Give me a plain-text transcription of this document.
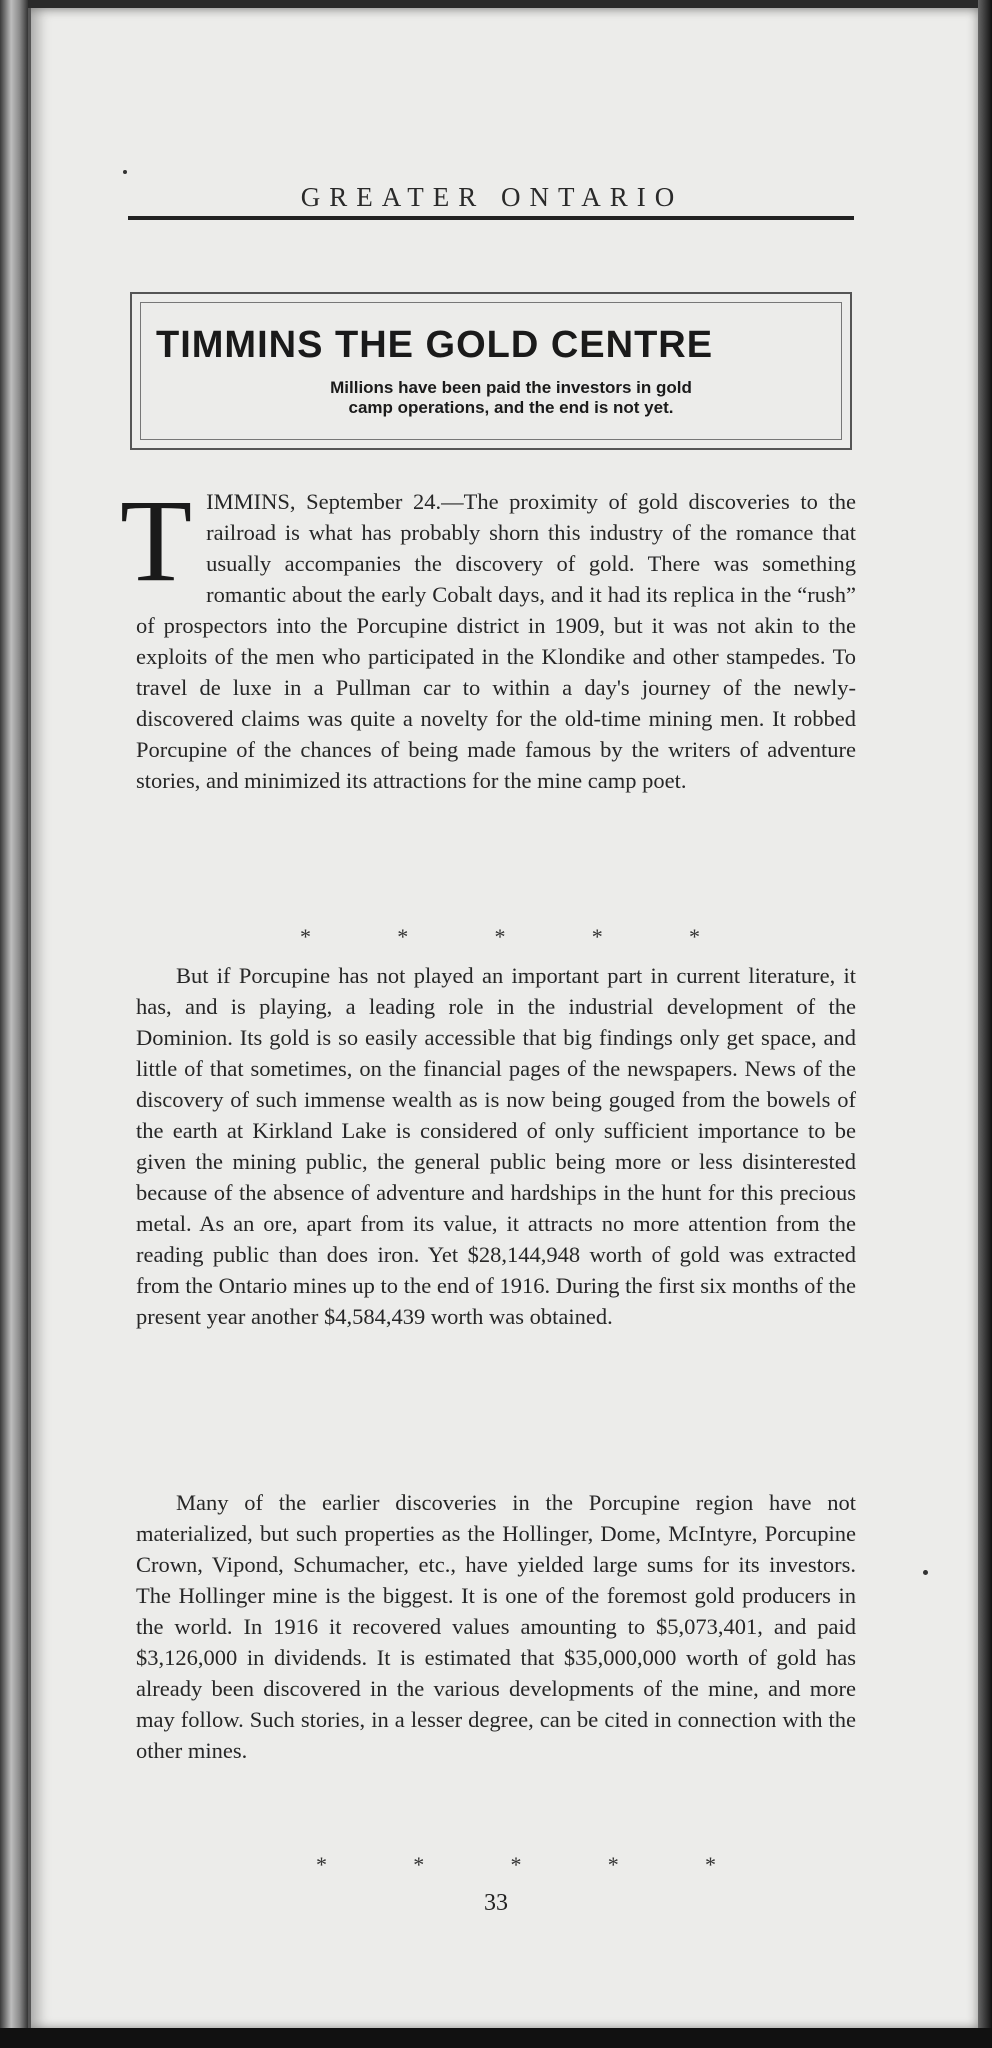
GREATER ONTARIO
TIMMINS THE GOLD CENTRE
Millions have been paid the investors in gold
camp operations, and the end is not yet.
T IMMINS, September 24.—The proximity of gold discoveries to the railroad is what has probably shorn this industry of the romance that usually accompanies the discovery of gold. There was something romantic about the early Cobalt days, and it had its replica in the “rush” of prospectors into the Porcupine district in 1909, but it was not akin to the exploits of the men who participated in the Klondike and other stampedes. To travel de luxe in a Pullman car to within a day's journey of the newly-discovered claims was quite a novelty for the old-time mining men. It robbed Porcupine of the chances of being made famous by the writers of adventure stories, and minimized its attractions for the mine camp poet.
*	*	*	*	*
But if Porcupine has not played an important part in current literature, it has, and is playing, a leading role in the industrial development of the Dominion. Its gold is so easily accessible that big findings only get space, and little of that sometimes, on the financial pages of the newspapers. News of the discovery of such immense wealth as is now being gouged from the bowels of the earth at Kirkland Lake is considered of only sufficient importance to be given the mining public, the general public being more or less disinterested because of the absence of adventure and hardships in the hunt for this precious metal. As an ore, apart from its value, it attracts no more attention from the reading public than does iron. Yet $28,144,948 worth of gold was extracted from the Ontario mines up to the end of 1916. During the first six months of the present year another $4,584,439 worth was obtained.
Many of the earlier discoveries in the Porcupine region have not materialized, but such properties as the Hollinger, Dome, McIntyre, Porcupine Crown, Vipond, Schumacher, etc., have yielded large sums for its investors. The Hollinger mine is the biggest. It is one of the foremost gold producers in the world. In 1916 it recovered values amounting to $5,073,401, and paid $3,126,000 in dividends. It is estimated that $35,000,000 worth of gold has already been discovered in the various developments of the mine, and more may follow. Such stories, in a lesser degree, can be cited in connection with the other mines.
*	*	*	*	*
33
